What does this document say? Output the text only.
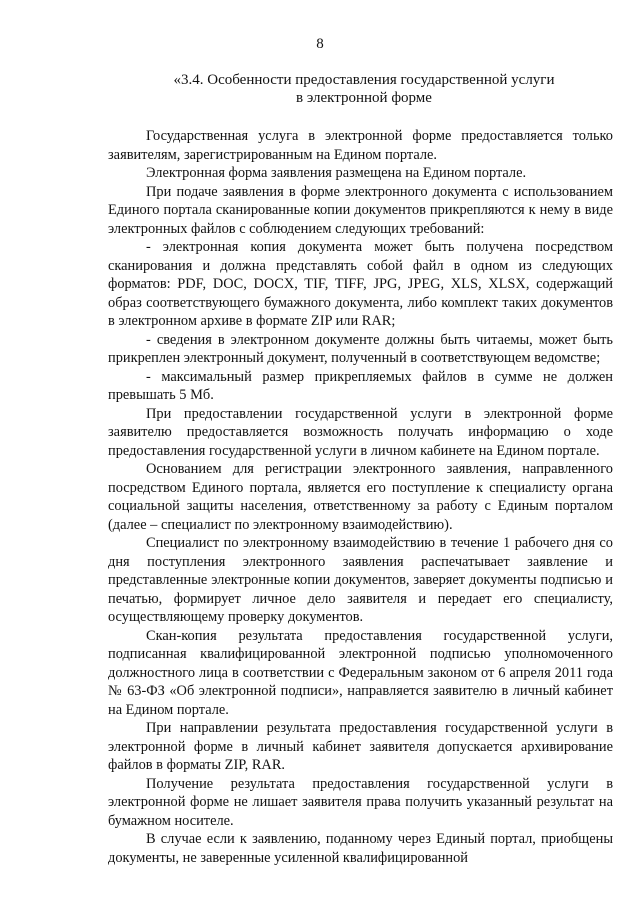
8
«3.4. Особенности предоставления государственной услуги
в электронной форме

Государственная услуга в электронной форме предоставляется только заявителям, зарегистрированным на Едином портале.

Электронная форма заявления размещена на Едином портале.

При подаче заявления в форме электронного документа с использованием Единого портала сканированные копии документов прикрепляются к нему в виде электронных файлов с соблюдением следующих требований:

- электронная копия документа может быть получена посредством сканирования и должна представлять собой файл в одном из следующих форматов: PDF, DOC, DOCX, TIF, TIFF, JPG, JPEG, XLS, XLSX, содержащий образ соответствующего бумажного документа, либо комплект таких документов в электронном архиве в формате ZIP или RAR;

- сведения в электронном документе должны быть читаемы, может быть прикреплен электронный документ, полученный в соответствующем ведомстве;

- максимальный размер прикрепляемых файлов в сумме не должен превышать 5 Мб.

При предоставлении государственной услуги в электронной форме заявителю предоставляется возможность получать информацию о ходе предоставления государственной услуги в личном кабинете на Едином портале.

Основанием для регистрации электронного заявления, направленного посредством Единого портала, является его поступление к специалисту органа социальной защиты населения, ответственному за работу с Единым порталом (далее – специалист по электронному взаимодействию).

Специалист по электронному взаимодействию в течение 1 рабочего дня со дня поступления электронного заявления распечатывает заявление и представленные электронные копии документов, заверяет документы подписью и печатью, формирует личное дело заявителя и передает его специалисту, осуществляющему проверку документов.

Скан-копия результата предоставления государственной услуги, подписанная квалифицированной электронной подписью уполномоченного должностного лица в соответствии с Федеральным законом от 6 апреля 2011 года № 63-ФЗ «Об электронной подписи», направляется заявителю в личный кабинет на Едином портале.

При направлении результата предоставления государственной услуги в электронной форме в личный кабинет заявителя допускается архивирование файлов в форматы ZIP, RAR.

Получение результата предоставления государственной услуги в электронной форме не лишает заявителя права получить указанный результат на бумажном носителе.

В случае если к заявлению, поданному через Единый портал, приобщены документы, не заверенные усиленной квалифицированной
